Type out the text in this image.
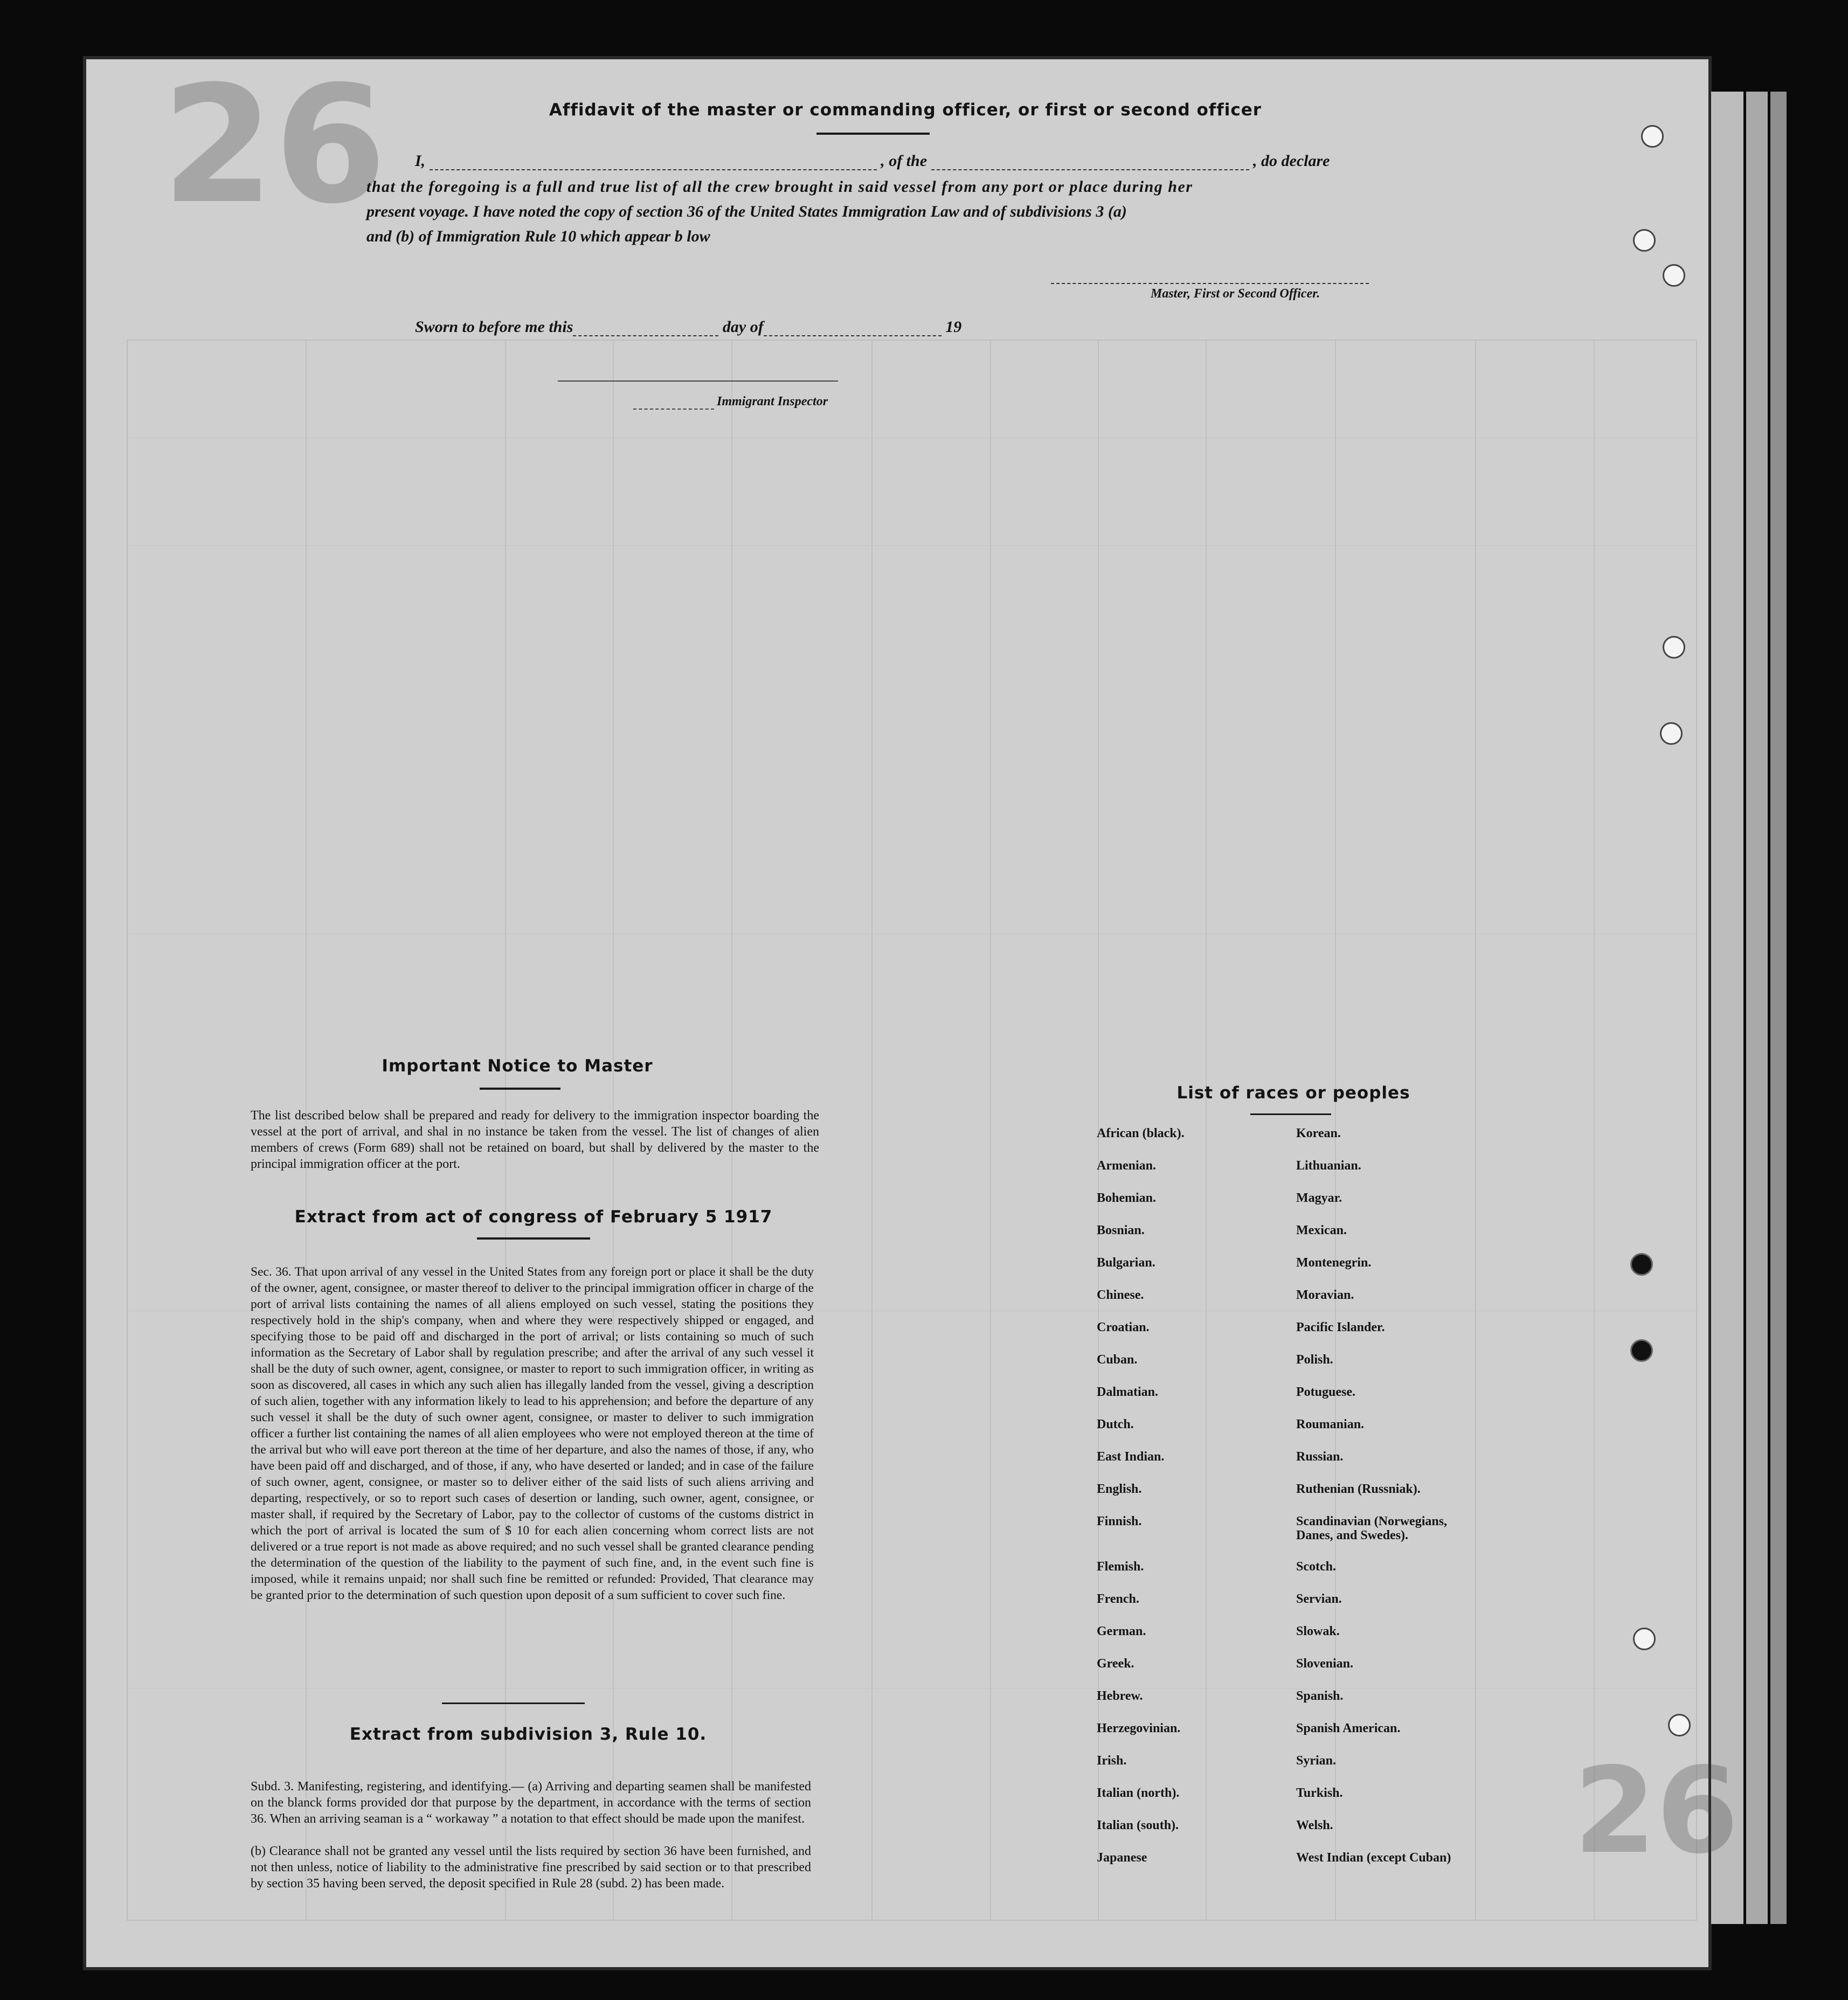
26
26
Affidavit of the master or commanding officer, or first or second officer
I,	, of the	, do declare
that the foregoing is a full and true list of all the crew brought in said vessel from any port or place during her
present voyage. I have noted the copy of section 36 of the United States Immigration Law and of subdivisions 3 (a)
and (b) of Immigration Rule 10 which appear b low
Master, First or Second Officer.
Sworn to before me this	day of	19
Immigrant Inspector
Important Notice to Master
The list described below shall be prepared and ready for delivery to the immigration inspector boarding the vessel at the port of arrival, and shal in no instance be taken from the vessel. The list of changes of alien members of crews (Form 689) shall not be retained on board, but shall by delivered by the master to the principal immigration officer at the port.
Extract from act of congress of February 5 1917
Sec. 36. That upon arrival of any vessel in the United States from any foreign port or place it shall be the duty of the owner, agent, consignee, or master thereof to deliver to the principal immigration officer in charge of the port of arrival lists containing the names of all aliens employed on such vessel, stating the positions they respectively hold in the ship's company, when and where they were respectively shipped or engaged, and specifying those to be paid off and discharged in the port of arrival; or lists containing so much of such information as the Secretary of Labor shall by regulation prescribe; and after the arrival of any such vessel it shall be the duty of such owner, agent, consignee, or master to report to such immigration officer, in writing as soon as discovered, all cases in which any such alien has illegally landed from the vessel, giving a description of such alien, together with any information likely to lead to his apprehension; and before the departure of any such vessel it shall be the duty of such owner agent, consignee, or master to deliver to such immigration officer a further list containing the names of all alien employees who were not employed thereon at the time of the arrival but who will eave port thereon at the time of her departure, and also the names of those, if any, who have been paid off and discharged, and of those, if any, who have deserted or landed; and in case of the failure of such owner, agent, consignee, or master so to deliver either of the said lists of such aliens arriving and departing, respectively, or so to report such cases of desertion or landing, such owner, agent, consignee, or master shall, if required by the Secretary of Labor, pay to the collector of customs of the customs district in which the port of arrival is located the sum of $ 10 for each alien concerning whom correct lists are not delivered or a true report is not made as above required; and no such vessel shall be granted clearance pending the determination of the question of the liability to the payment of such fine, and, in the event such fine is imposed, while it remains unpaid; nor shall such fine be remitted or refunded: Provided, That clearance may be granted prior to the determination of such question upon deposit of a sum sufficient to cover such fine.
Extract from subdivision 3, Rule 10.
Subd. 3. Manifesting, registering, and identifying.— (a) Arriving and departing seamen shall be manifested on the blanck forms provided dor that purpose by the department, in accordance with the terms of section 36. When an arriving seaman is a “ workaway ” a notation to that effect should be made upon the manifest.
(b) Clearance shall not be granted any vessel until the lists required by section 36 have been furnished, and not then unless, notice of liability to the administrative fine prescribed by said section or to that prescribed by section 35 having been served, the deposit specified in Rule 28 (subd. 2) has been made.
List of races or peoples
African (black).	Korean.
Armenian.	Lithuanian.
Bohemian.	Magyar.
Bosnian.	Mexican.
Bulgarian.	Montenegrin.
Chinese.	Moravian.
Croatian.	Pacific Islander.
Cuban.	Polish.
Dalmatian.	Potuguese.
Dutch.	Roumanian.
East Indian.	Russian.
English.	Ruthenian (Russniak).
Finnish.	Scandinavian (Norwegians, Danes, and Swedes).
Flemish.	Scotch.
French.	Servian.
German.	Slowak.
Greek.	Slovenian.
Hebrew.	Spanish.
Herzegovinian.	Spanish American.
Irish.	Syrian.
Italian (north).	Turkish.
Italian (south).	Welsh.
Japanese	West Indian (except Cuban)
